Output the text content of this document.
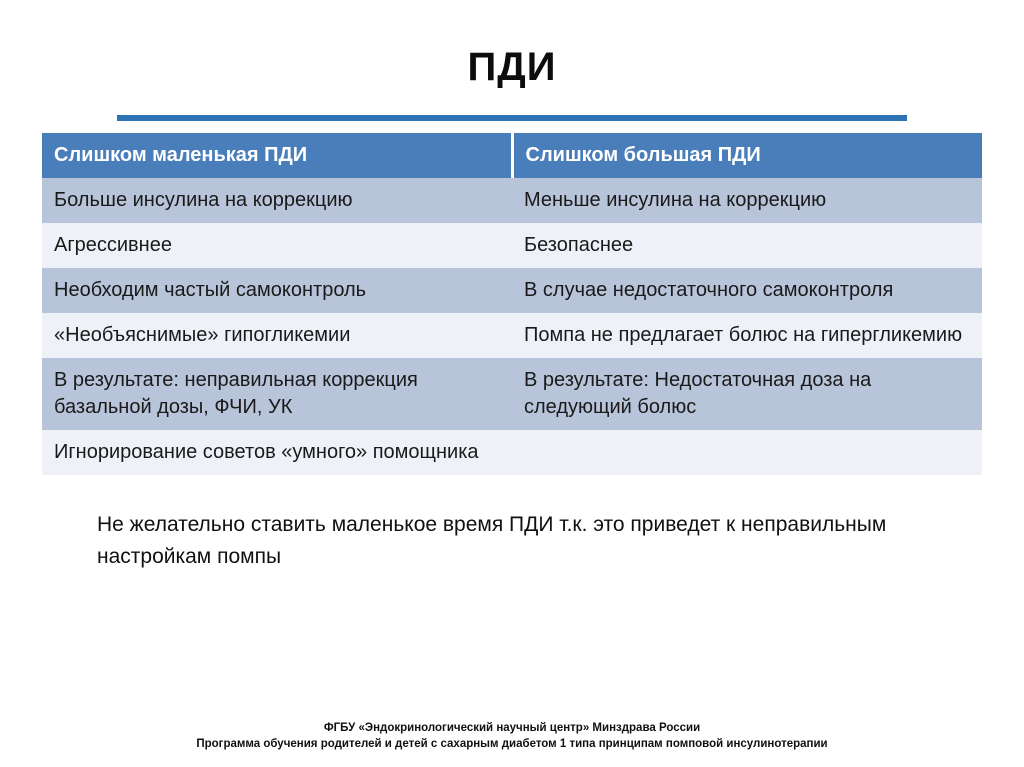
ПДИ
Слишком маленькая ПДИ	Слишком большая ПДИ
Больше инсулина на коррекцию	Меньше инсулина на коррекцию
Агрессивнее	Безопаснее
Необходим частый самоконтроль	В случае недостаточного самоконтроля
«Необъяснимые» гипогликемии	Помпа не предлагает болюс на гипергликемию
В результате: неправильная коррекция базальной дозы, ФЧИ, УК	В результате: Недостаточная доза на следующий болюс
Игнорирование советов «умного» помощника	
Не желательно ставить маленькое время ПДИ т.к. это приведет к неправильным настройкам помпы
ФГБУ «Эндокринологический научный центр» Минздрава России
Программа обучения родителей и детей с сахарным диабетом 1 типа принципам помповой инсулинотерапии
